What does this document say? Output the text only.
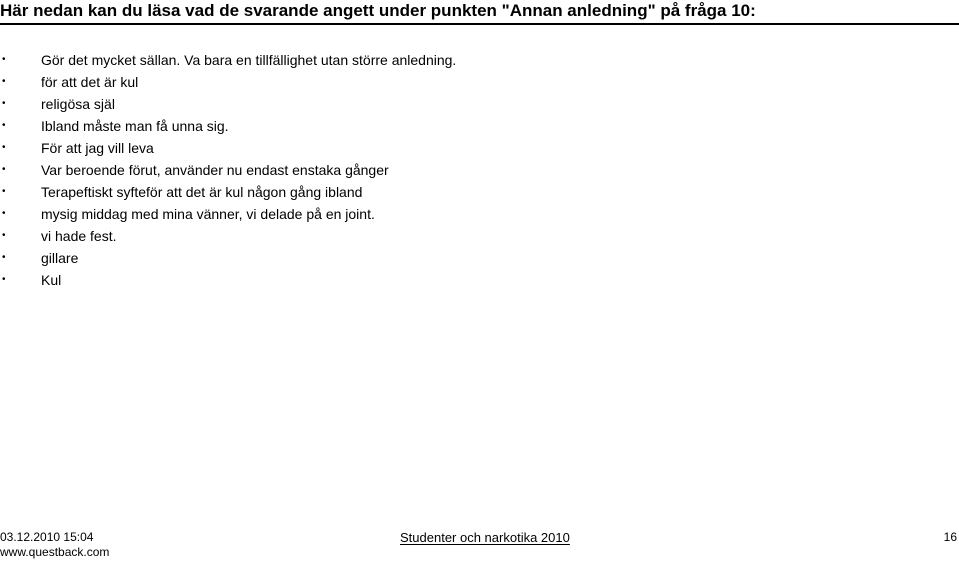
Här nedan kan du läsa vad de svarande angett under punkten "Annan anledning" på fråga 10:
•	Gör det mycket sällan. Va bara en tillfällighet utan större anledning.
•	för att det är kul
•	religösa själ
•	Ibland måste man få unna sig.
•	För att jag vill leva
•	Var beroende förut, använder nu endast enstaka gånger
•	Terapeftiskt syfteför att det är kul någon gång ibland
•	mysig middag med mina vänner, vi delade på en joint.
•	vi hade fest.
•	gillare
•	Kul
03.12.2010 15:04
www.questback.com
Studenter och narkotika 2010	16
